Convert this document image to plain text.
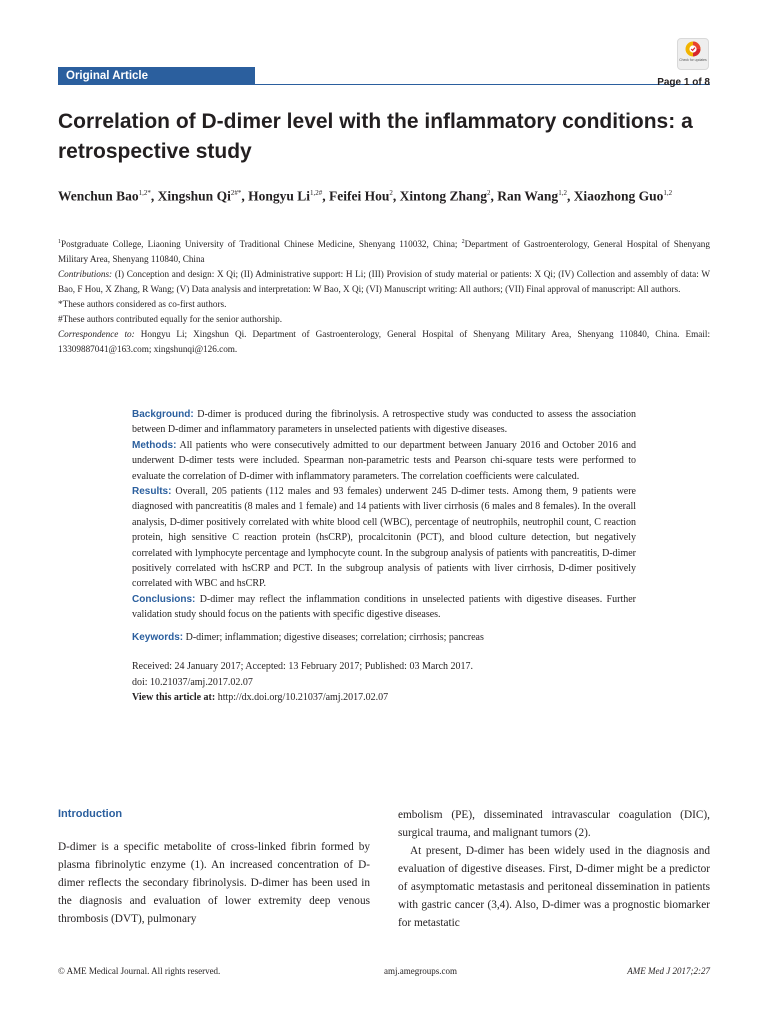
Original Article
Check for updates
Page 1 of 8
Correlation of D-dimer level with the inflammatory conditions: a retrospective study
Wenchun Bao$^{1,2*}$, Xingshun $Qi^{2\#*}$, Hongyu $Li^{1,2\#}$, Feifei Hou$^2$, Xintong Zhang$^2$, Ran Wang$^{1,2}$, Xiaozhong Guo$^{1,2}$

$^1$Postgraduate College, Liaoning University of Traditional Chinese Medicine, Shenyang 110032, China; $^2$Department of Gastroenterology, General Hospital of Shenyang Military Area, Shenyang 110840, China

Contributions: (I) Conception and design: X Qi; (II) Administrative support: H Li; (III) Provision of study material or patients: X Qi; (IV) Collection and assembly of data: W Bao, F Hou, X Zhang, R Wang; (V) Data analysis and interpretation: W Bao, X Qi; (VI) Manuscript writing: All authors; (VII) Final approval of manuscript: All authors.

*These authors considered as co-first authors.

#These authors contributed equally for the senior authorship.

Correspondence to: Hongyu Li; Xingshun Qi. Department of Gastroenterology, General Hospital of Shenyang Military Area, Shenyang 110840, China. Email: 13309887041@163.com; xingshunqi@126.com.

Background: D-dimer is produced during the fibrinolysis. A retrospective study was conducted to assess the association between D-dimer and inflammatory parameters in unselected patients with digestive diseases.

Methods: All patients who were consecutively admitted to our department between January 2016 and October 2016 and underwent D-dimer tests were included. Spearman non-parametric tests and Pearson chi-square tests were performed to evaluate the correlation of D-dimer with inflammatory parameters. The correlation coefficients were calculated.

Results: Overall, 205 patients (112 males and 93 females) underwent 245 D-dimer tests. Among them, 9 patients were diagnosed with pancreatitis (8 males and 1 female) and 14 patients with liver cirrhosis (6 males and 8 females). In the overall analysis, D-dimer positively correlated with white blood cell (WBC), percentage of neutrophils, neutrophil count, C reaction protein, high sensitive C reaction protein (hsCRP), procalcitonin (PCT), and blood culture detection, but negatively correlated with lymphocyte percentage and lymphocyte count. In the subgroup analysis of patients with pancreatitis, D-dimer positively correlated with hsCRP and PCT. In the subgroup analysis of patients with liver cirrhosis, D-dimer positively correlated with WBC and hsCRP.

Conclusions: D-dimer may reflect the inflammation conditions in unselected patients with digestive diseases. Further validation study should focus on the patients with specific digestive diseases.

Keywords: D-dimer; inflammation; digestive diseases; correlation; cirrhosis; pancreas

Received: 24 January 2017; Accepted: 13 February 2017; Published: 03 March 2017.

doi: 10.21037/amj.2017.02.07

View this article at: http://dx.doi.org/10.21037/amj.2017.02.07

Introduction

D-dimer is a specific metabolite of cross-linked fibrin formed by plasma fibrinolytic enzyme (1). An increased concentration of D-dimer reflects the secondary fibrinolysis. D-dimer has been used in the diagnosis and evaluation of lower extremity deep venous thrombosis (DVT), pulmonary

embolism (PE), disseminated intravascular coagulation (DIC), surgical trauma, and malignant tumors (2).

At present, D-dimer has been widely used in the diagnosis and evaluation of digestive diseases. First, D-dimer might be a predictor of asymptomatic metastasis and peritoneal dissemination in patients with gastric cancer (3,4). Also, D-dimer was a prognostic biomarker for metastatic

© AME Medical Journal. All rights reserved.	amj.amegroups.com	AME Med J 2017;2:27
